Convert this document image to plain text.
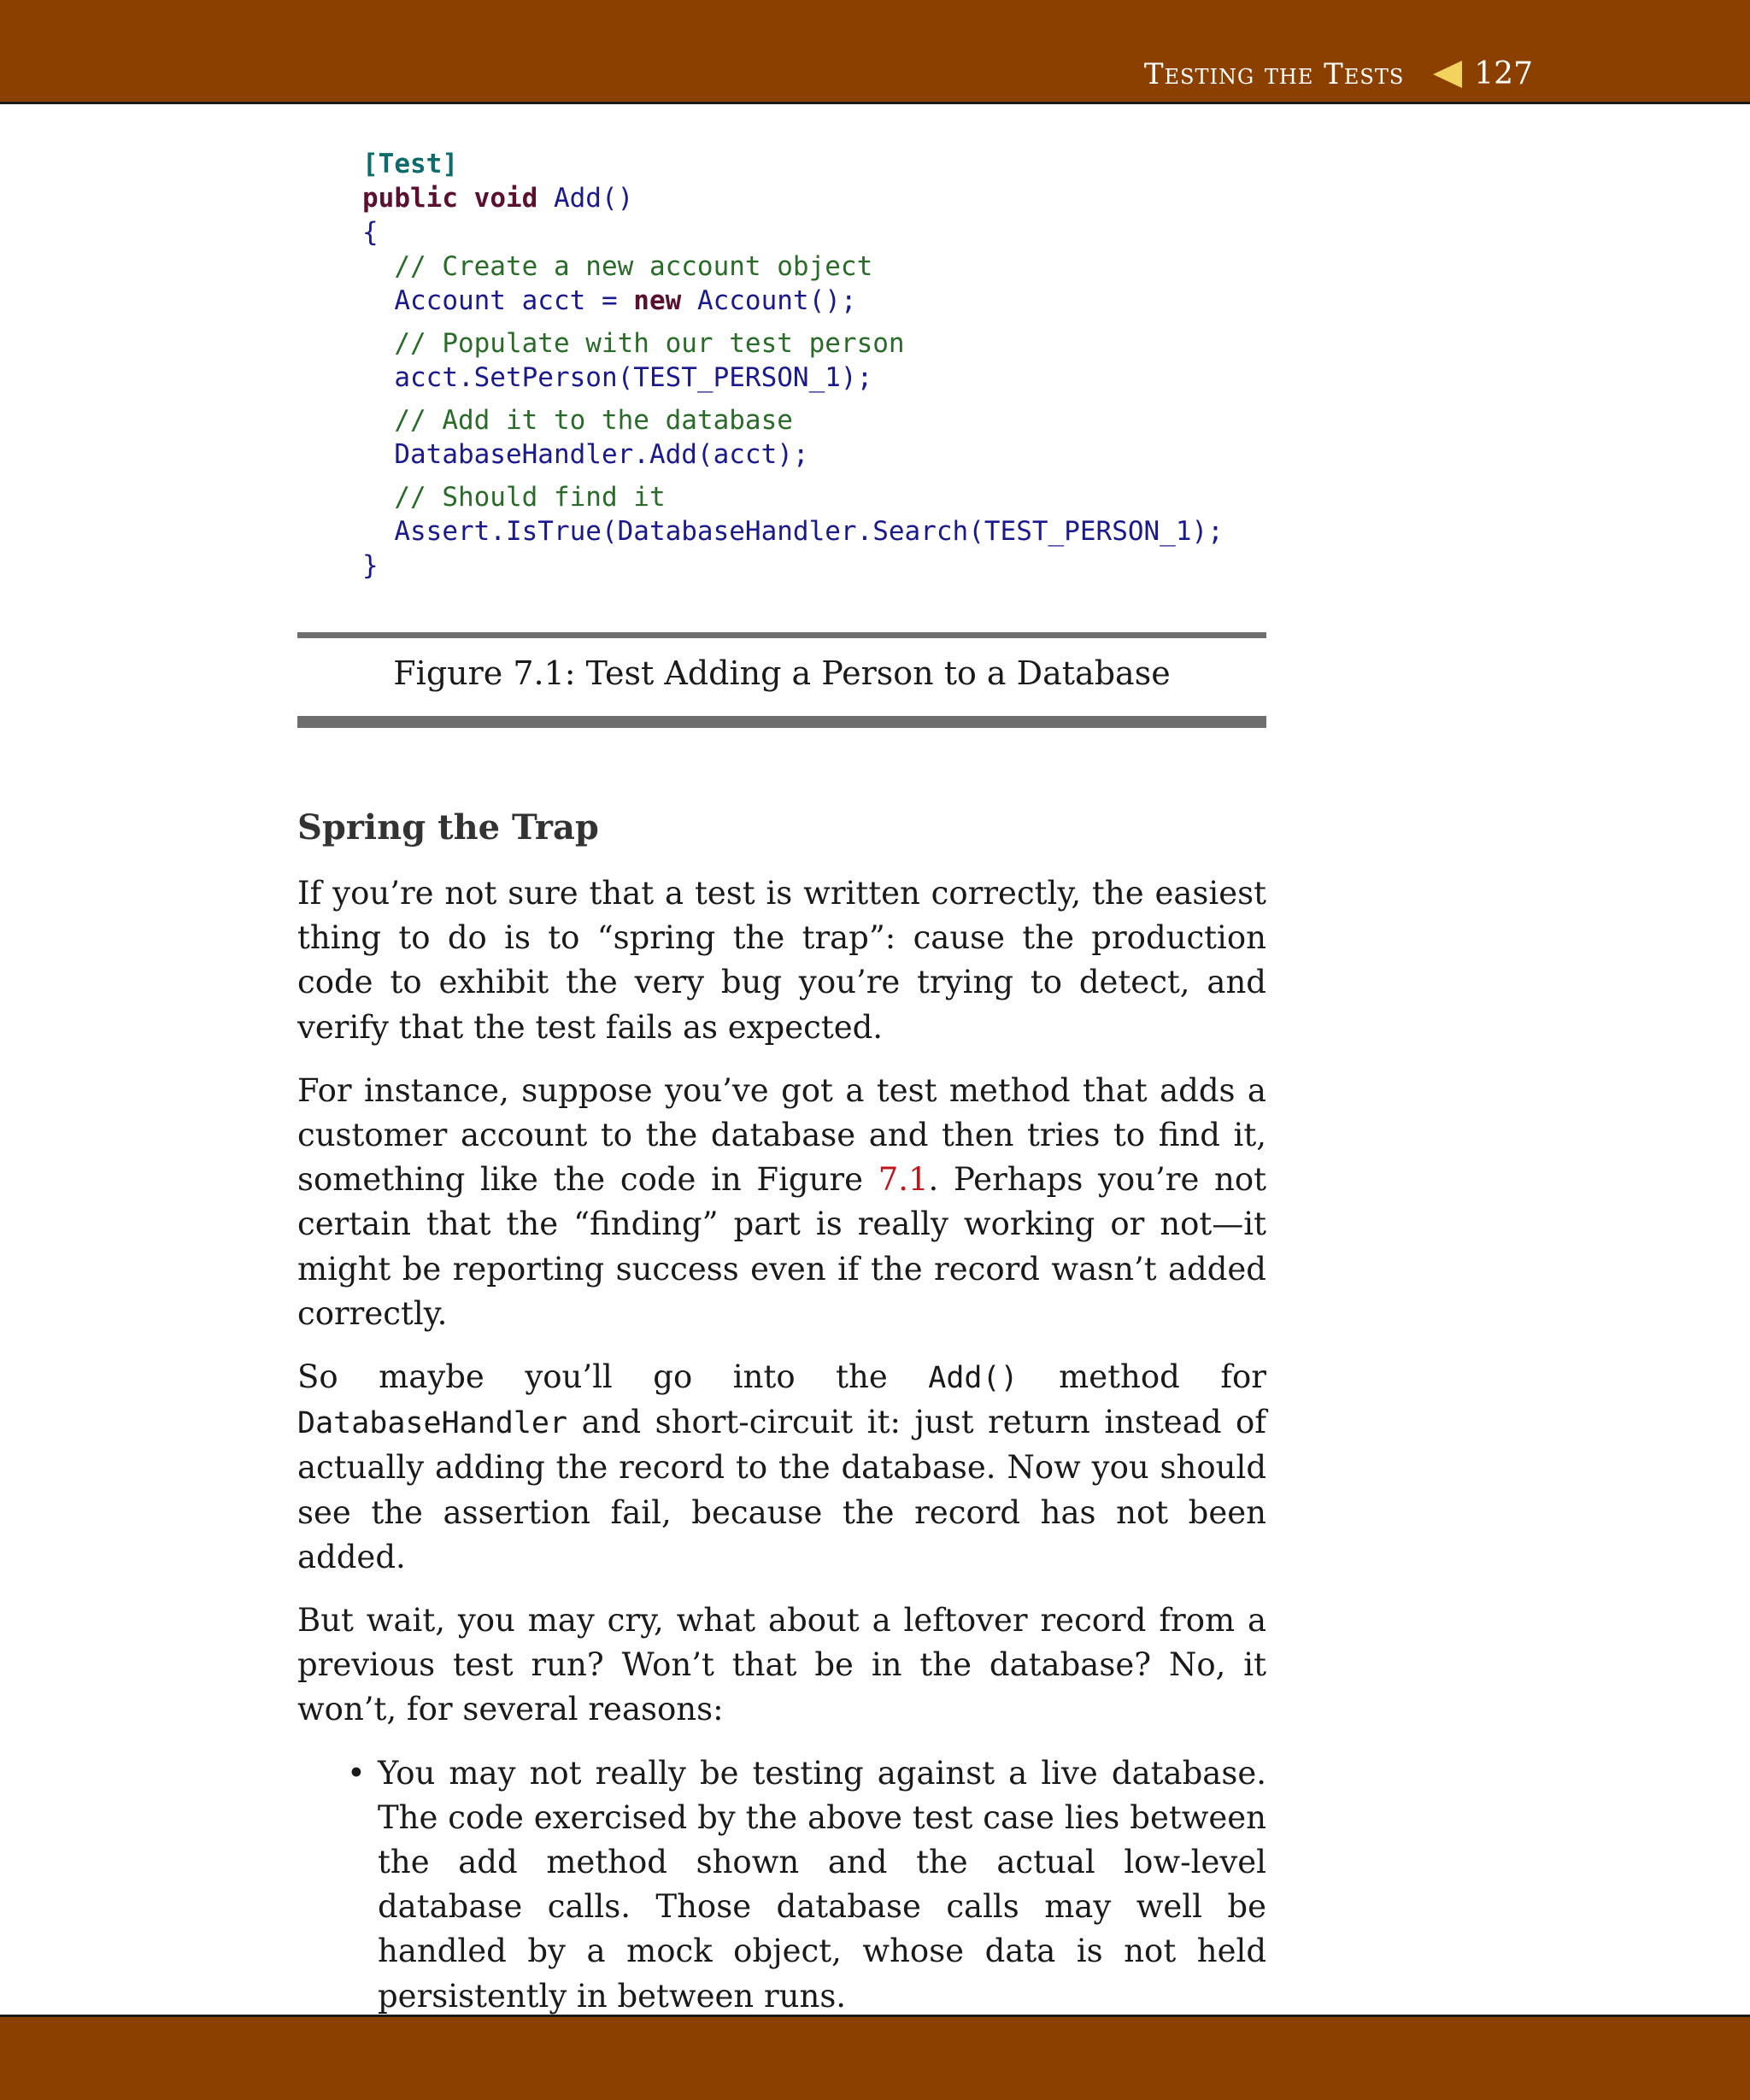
Testing the Tests 127
[Test]
public void Add()
{
// Create a new account object
Account acct = new Account();
// Populate with our test person
acct.SetPerson(TEST_PERSON_1);
// Add it to the database
DatabaseHandler.Add(acct);
// Should find it
Assert.IsTrue(DatabaseHandler.Search(TEST_PERSON_1);
}
Figure 7.1: Test Adding a Person to a Database
Spring the Trap

If you’re not sure that a test is written correctly, the easiest thing to do is to “spring the trap”: cause the production code to exhibit the very bug you’re trying to detect, and verify that the test fails as expected.

For instance, suppose you’ve got a test method that adds a customer account to the database and then tries to find it, something like the code in Figure 7.1. Perhaps you’re not certain that the “finding” part is really working or not—it might be reporting success even if the record wasn’t added correctly.

So maybe you’ll go into the Add() method for DatabaseHandler and short-circuit it: just return instead of actually adding the record to the database. Now you should see the assertion fail, because the record has not been added.

But wait, you may cry, what about a leftover record from a previous test run? Won’t that be in the database? No, it won’t, for several reasons:

• You may not really be testing against a live database. The code exercised by the above test case lies between the add method shown and the actual low-level database calls. Those database calls may well be handled by a mock object, whose data is not held persistently in between runs.
